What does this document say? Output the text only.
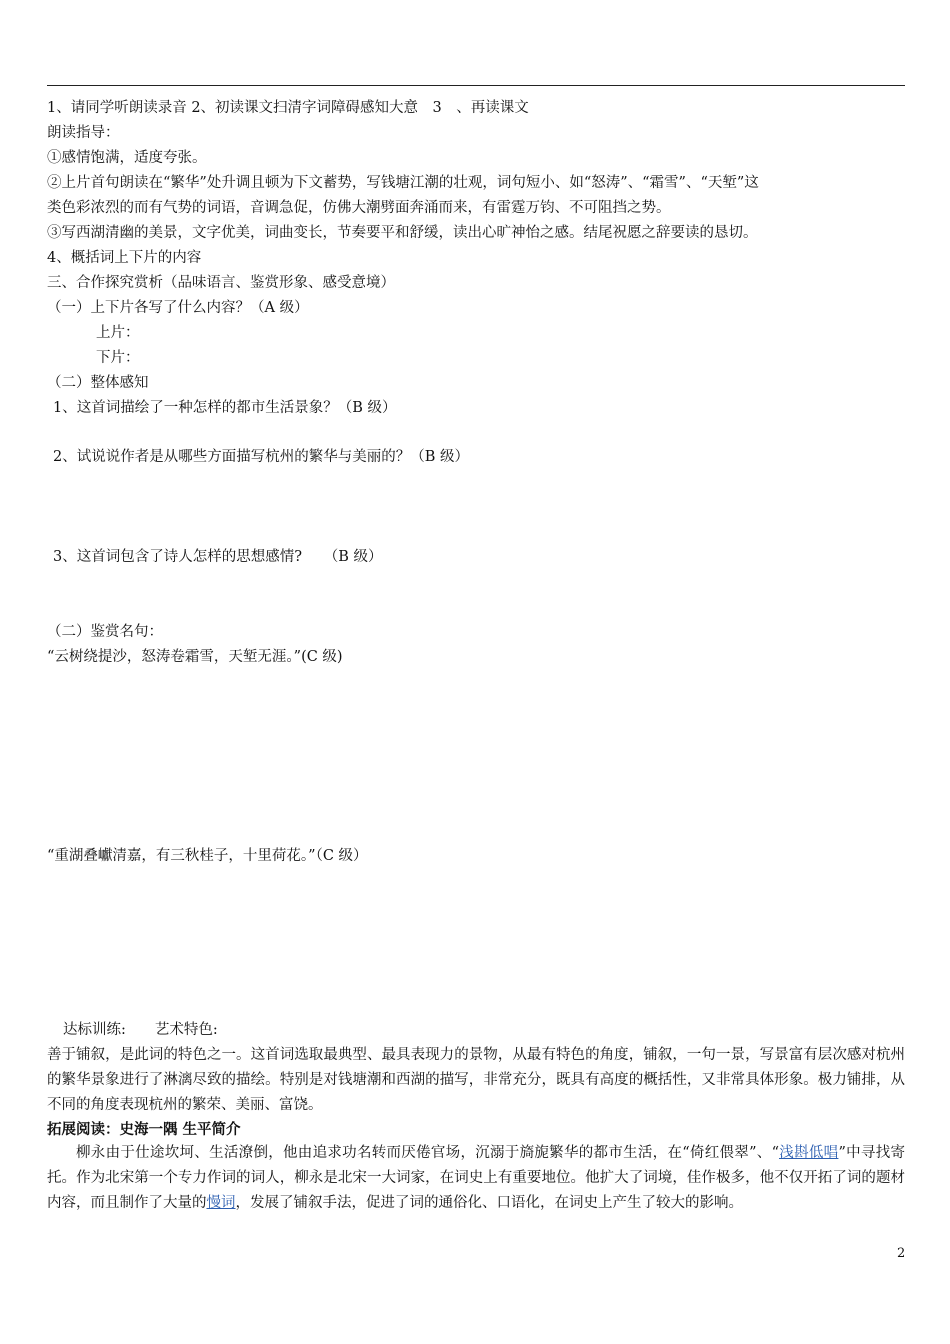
1、请同学听朗读录音 2、初读课文扫清字词障碍感知大意　3　、再读课文
朗读指导：
①感情饱满，适度夸张。
②上片首句朗读在“繁华”处升调且顿为下文蓄势，写钱塘江潮的壮观，词句短小、如“怒涛”、“霜雪”、“天堑”这
类色彩浓烈的而有气势的词语，音调急促，仿佛大潮劈面奔涌而来，有雷霆万钧、不可阻挡之势。
③写西湖清幽的美景，文字优美，词曲变长，节奏要平和舒缓，读出心旷神怡之感。结尾祝愿之辞要读的恳切。
4、概括词上下片的内容
三、合作探究赏析（品味语言、鉴赏形象、感受意境）
（一）上下片各写了什么内容？（A 级）
上片：
下片：
（二）整体感知
1、这首词描绘了一种怎样的都市生活景象？（B 级）
2、试说说作者是从哪些方面描写杭州的繁华与美丽的？（B 级）
3、这首词包含了诗人怎样的思想感情?　　（B 级）
（二）鉴赏名句：
“云树绕提沙，怒涛卷霜雪，天堑无涯。”(C 级)
“重湖叠巘清嘉，有三秋桂子，十里荷花。”（C 级）
达标训练:　　艺术特色:
善于铺叙，是此词的特色之一。这首词选取最典型、最具表现力的景物，从最有特色的角度，铺叙，一句一景，写景富有层次感对杭州的繁华景象进行了淋漓尽致的描绘。特别是对钱塘潮和西湖的描写，非常充分，既具有高度的概括性，又非常具体形象。极力铺排，从不同的角度表现杭州的繁荣、美丽、富饶。
拓展阅读：史海一隅 生平简介
柳永由于仕途坎坷、生活潦倒，他由追求功名转而厌倦官场，沉溺于旖旎繁华的都市生活，在“倚红偎翠”、“浅斟低唱”中寻找寄托。作为北宋第一个专力作词的词人，柳永是北宋一大词家，在词史上有重要地位。他扩大了词境，佳作极多，他不仅开拓了词的题材内容，而且制作了大量的慢词，发展了铺叙手法，促进了词的通俗化、口语化，在词史上产生了较大的影响。
2
